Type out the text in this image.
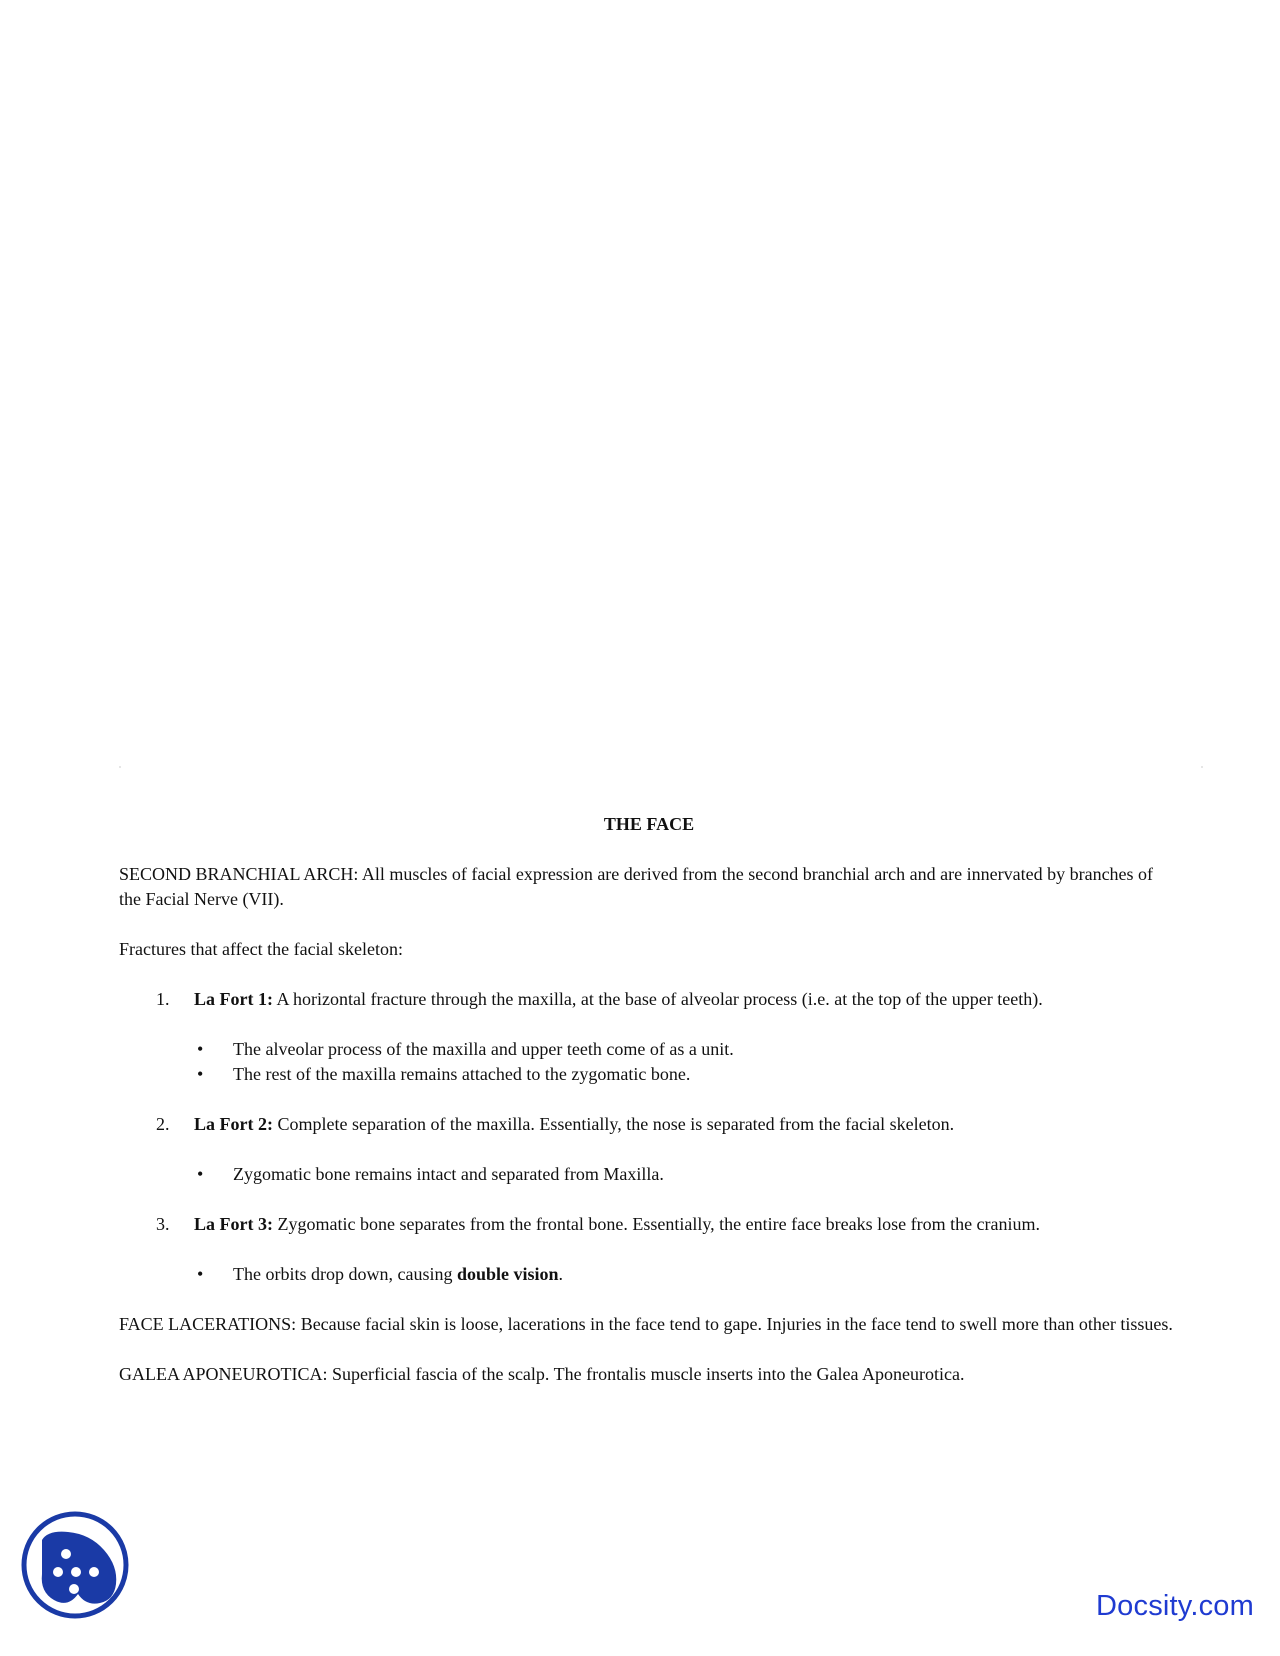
THE FACE

SECOND BRANCHIAL ARCH: All muscles of facial expression are derived from the second branchial arch and are innervated by branches of the Facial Nerve (VII).

Fractures that affect the facial skeleton:

1.	La Fort 1: A horizontal fracture through the maxilla, at the base of alveolar process (i.e. at the top of the upper teeth).
•	The alveolar process of the maxilla and upper teeth come of as a unit.
•	The rest of the maxilla remains attached to the zygomatic bone.
2.	La Fort 2: Complete separation of the maxilla. Essentially, the nose is separated from the facial skeleton.
•	Zygomatic bone remains intact and separated from Maxilla.
3.	La Fort 3: Zygomatic bone separates from the frontal bone. Essentially, the entire face breaks lose from the cranium.
•	The orbits drop down, causing double vision.

FACE LACERATIONS: Because facial skin is loose, lacerations in the face tend to gape. Injuries in the face tend to swell more than other tissues.

GALEA APONEUROTICA: Superficial fascia of the scalp. The frontalis muscle inserts into the Galea Aponeurotica.

Docsity.com
